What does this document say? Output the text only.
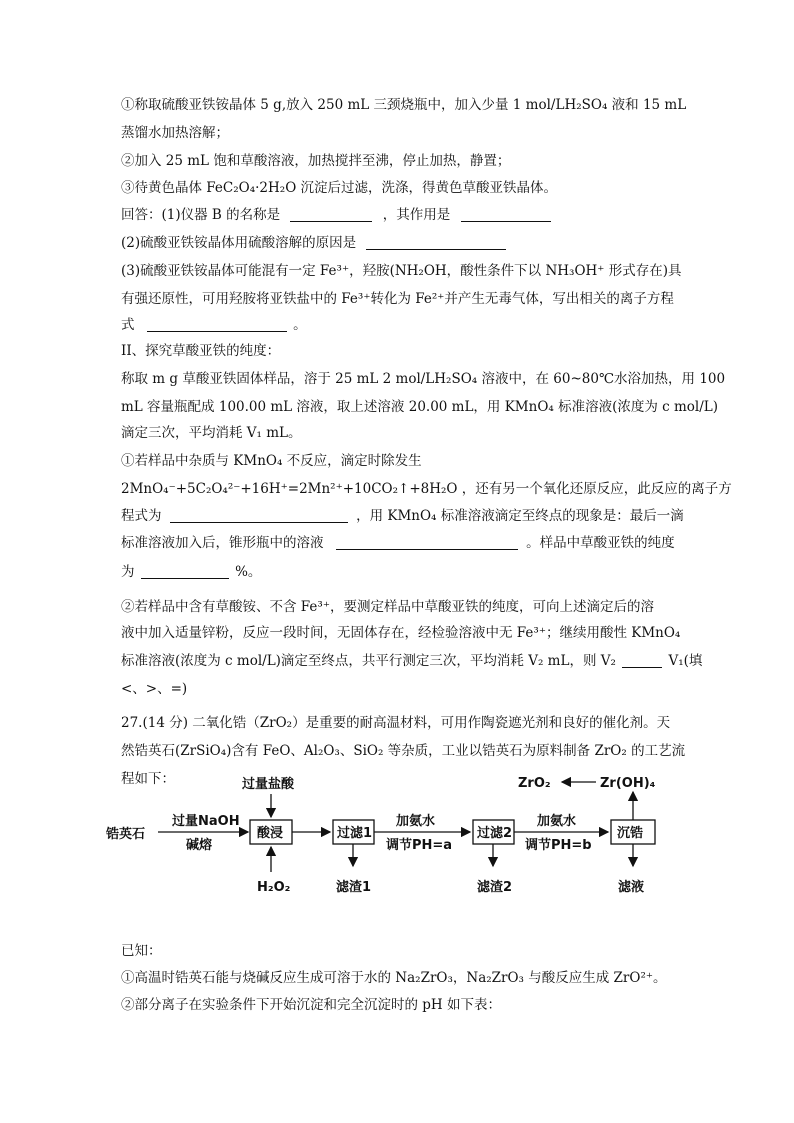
①称取硫酸亚铁铵晶体 5 g,放入 250 mL 三颈烧瓶中，加入少量 1 mol/LH₂SO₄ 液和 15 mL
蒸馏水加热溶解；
②加入 25 mL 饱和草酸溶液，加热搅拌至沸，停止加热，静置；
③待黄色晶体 FeC₂O₄·2H₂O 沉淀后过滤，洗涤，得黄色草酸亚铁晶体。
回答：(1)仪器 B 的名称是	，其作用是
(2)硫酸亚铁铵晶体用硫酸溶解的原因是
(3)硫酸亚铁铵晶体可能混有一定 Fe³⁺，羟胺(NH₂OH，酸性条件下以 NH₃OH⁺ 形式存在)具
有强还原性，可用羟胺将亚铁盐中的 Fe³⁺转化为 Fe²⁺并产生无毒气体，写出相关的离子方程
式	。
II、探究草酸亚铁的纯度：
称取 m g 草酸亚铁固体样品，溶于 25 mL 2 mol/LH₂SO₄ 溶液中，在 60~80℃水浴加热，用 100
mL 容量瓶配成 100.00 mL 溶液，取上述溶液 20.00 mL，用 KMnO₄ 标准溶液(浓度为 c mol/L)
滴定三次，平均消耗 V₁ mL。
①若样品中杂质与 KMnO₄ 不反应，滴定时除发生
2MnO₄⁻+5C₂O₄²⁻+16H⁺=2Mn²⁺+10CO₂↑+8H₂O ，还有另一个氧化还原反应，此反应的离子方
程式为	，用 KMnO₄ 标准溶液滴定至终点的现象是：最后一滴
标准溶液加入后，锥形瓶中的溶液	。样品中草酸亚铁的纯度
为	%。
②若样品中含有草酸铵、不含 Fe³⁺，要测定样品中草酸亚铁的纯度，可向上述滴定后的溶
液中加入适量锌粉，反应一段时间，无固体存在，经检验溶液中无 Fe³⁺；继续用酸性 KMnO₄
标准溶液(浓度为 c mol/L)滴定至终点，共平行测定三次，平均消耗 V₂ mL，则 V₂	V₁(填
<、>、=)
27.(14 分) 二氧化锆（ZrO₂）是重要的耐高温材料，可用作陶瓷遮光剂和良好的催化剂。天
然锆英石(ZrSiO₄)含有 FeO、Al₂O₃、SiO₂ 等杂质，工业以锆英石为原料制备 ZrO₂ 的工艺流
程如下：
锆英石
过量NaOH
碱熔
酸浸
过量盐酸
H₂O₂
过滤1
滤渣1
加氨水
调节PH=a
过滤2
滤渣2
加氨水
调节PH=b
沉锆
滤液
Zr(OH)₄
ZrO₂
已知：
①高温时锆英石能与烧碱反应生成可溶于水的 Na₂ZrO₃，Na₂ZrO₃ 与酸反应生成 ZrO²⁺。
②部分离子在实验条件下开始沉淀和完全沉淀时的 pH 如下表：
